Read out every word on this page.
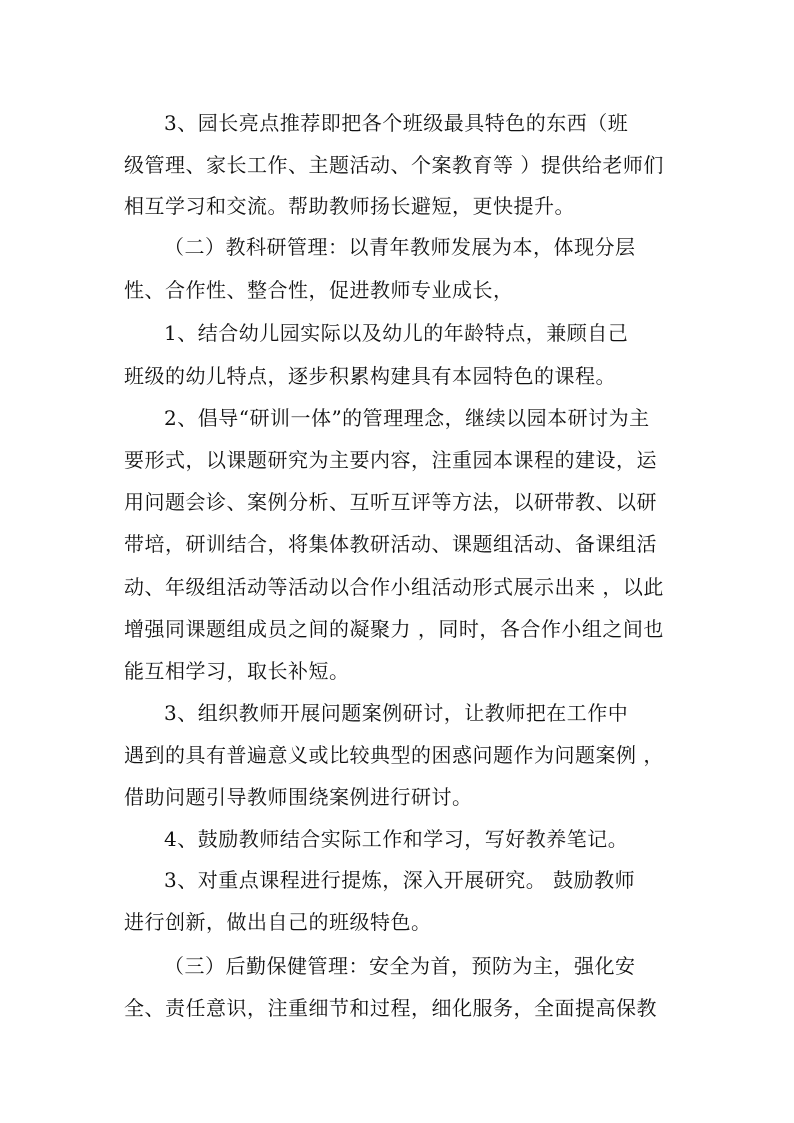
3、园长亮点推荐即把各个班级最具特色的东西（班
级管理、家长工作、主题活动、个案教育等 ）提供给老师们
相互学习和交流。帮助教师扬长避短，更快提升。
（二）教科研管理：以青年教师发展为本，体现分层
性、合作性、整合性，促进教师专业成长，
1、结合幼儿园实际以及幼儿的年龄特点，兼顾自己
班级的幼儿特点，逐步积累构建具有本园特色的课程。
2、倡导“研训一体”的管理理念，继续以园本研讨为主
要形式，以课题研究为主要内容，注重园本课程的建设，运
用问题会诊、案例分析、互听互评等方法，以研带教、以研
带培，研训结合，将集体教研活动、课题组活动、备课组活
动、年级组活动等活动以合作小组活动形式展示出来 ，以此
增强同课题组成员之间的凝聚力 ，同时，各合作小组之间也
能互相学习，取长补短。
3、组织教师开展问题案例研讨，让教师把在工作中
遇到的具有普遍意义或比较典型的困惑问题作为问题案例 ，
借助问题引导教师围绕案例进行研讨。
4、鼓励教师结合实际工作和学习，写好教养笔记。
3、对重点课程进行提炼，深入开展研究。 鼓励教师
进行创新，做出自己的班级特色。
（三）后勤保健管理：安全为首，预防为主，强化安
全、责任意识，注重细节和过程，细化服务，全面提高保教
